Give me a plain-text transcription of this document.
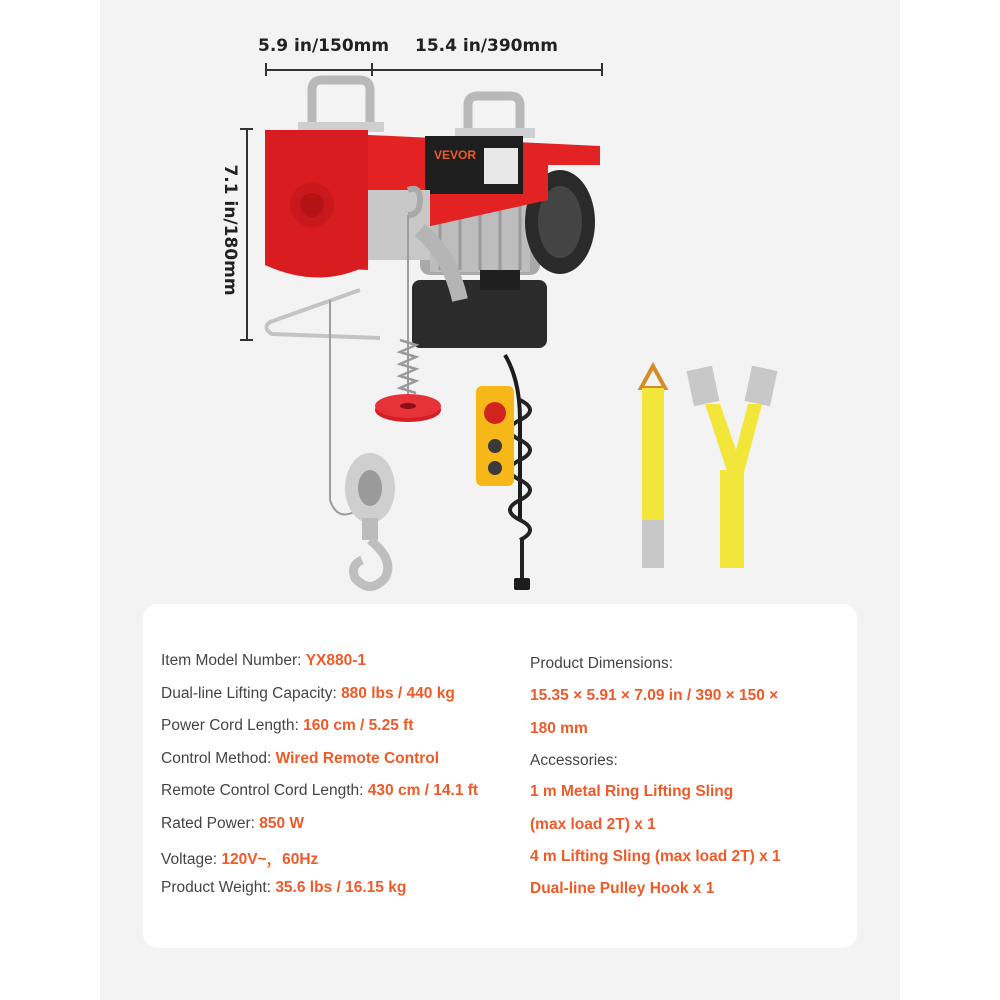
5.9 in/150mm 15.4 in/390mm
7.1 in/180mm
VEVOR
Item Model Number: YX880-1
Dual-line Lifting Capacity: 880 lbs / 440 kg
Power Cord Length: 160 cm / 5.25 ft
Control Method: Wired Remote Control
Remote Control Cord Length: 430 cm / 14.1 ft
Rated Power: 850 W
Voltage: 120V~，60Hz
Product Weight: 35.6 lbs / 16.15 kg
Product Dimensions:
15.35 × 5.91 × 7.09 in / 390 × 150 ×
180 mm
Accessories:
1 m Metal Ring Lifting Sling
(max load 2T) x 1
4 m Lifting Sling (max load 2T) x 1
Dual-line Pulley Hook x 1
